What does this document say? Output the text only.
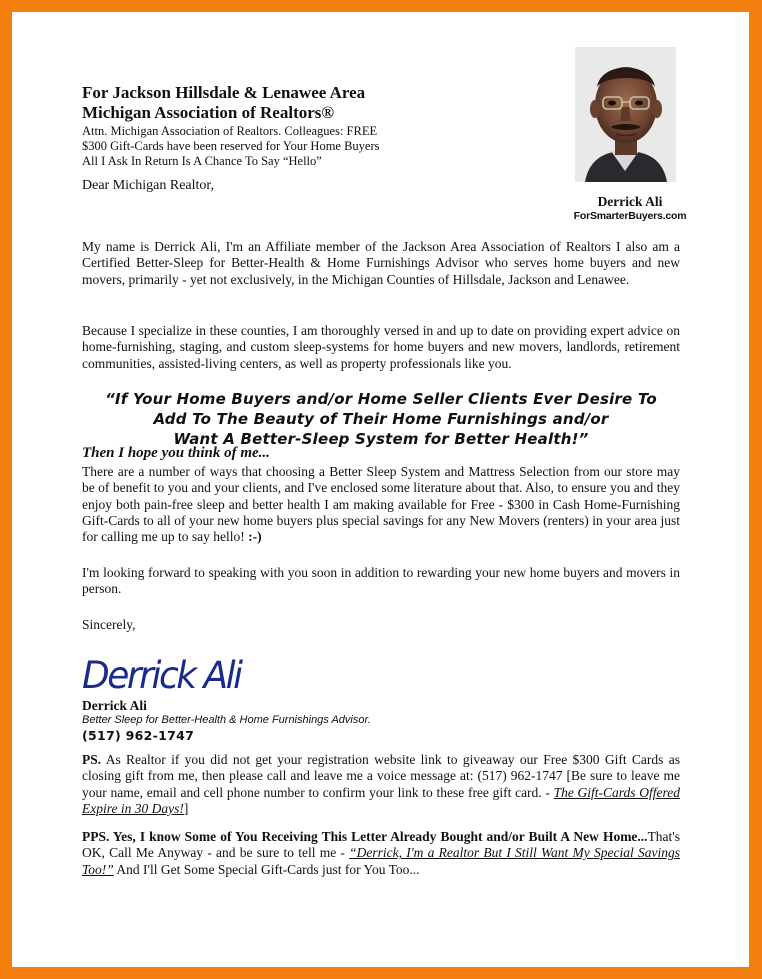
For Jackson Hillsdale & Lenawee Area
Michigan Association of Realtors®
Attn. Michigan Association of Realtors. Colleagues: FREE
$300 Gift-Cards have been reserved for Your Home Buyers
All I Ask In Return Is A Chance To Say “Hello”
Dear Michigan Realtor,
Derrick Ali
ForSmarterBuyers.com
My name is Derrick Ali, I'm an Affiliate member of the Jackson Area Association of Realtors I also am a Certified Better-Sleep for Better-Health & Home Furnishings Advisor who serves home buyers and new movers, primarily - yet not exclusively, in the Michigan Counties of Hillsdale, Jackson and Lenawee.
Because I specialize in these counties, I am thoroughly versed in and up to date on providing expert advice on home-furnishing, staging, and custom sleep-systems for home buyers and new movers, landlords, retirement communities, assisted-living centers, as well as property professionals like you.
“If Your Home Buyers and/or Home Seller Clients Ever Desire To
Add To The Beauty of Their Home Furnishings and/or
Want A Better-Sleep System for Better Health!”
Then I hope you think of me...
There are a number of ways that choosing a Better Sleep System and Mattress Selection from our store may be of benefit to you and your clients, and I've enclosed some literature about that. Also, to ensure you and they enjoy both pain-free sleep and better health I am making available for Free - $300 in Cash Home-Furnishing Gift-Cards to all of your new home buyers plus special savings for any New Movers (renters) in your area just for calling me up to say hello! :-)
I'm looking forward to speaking with you soon in addition to rewarding your new home buyers and movers in person.
Sincerely,
Derrick Ali
Derrick Ali
Better Sleep for Better-Health & Home Furnishings Advisor.
(517) 962-1747
PS. As Realtor if you did not get your registration website link to giveaway our Free $300 Gift Cards as closing gift from me, then please call and leave me a voice message at: (517) 962-1747 [Be sure to leave me your name, email and cell phone number to confirm your link to these free gift card. - The Gift-Cards Offered Expire in 30 Days!]
PPS. Yes, I know Some of You Receiving This Letter Already Bought and/or Built A New Home...That's OK, Call Me Anyway - and be sure to tell me - “Derrick, I'm a Realtor But I Still Want My Special Savings Too!” And I'll Get Some Special Gift-Cards just for You Too...
